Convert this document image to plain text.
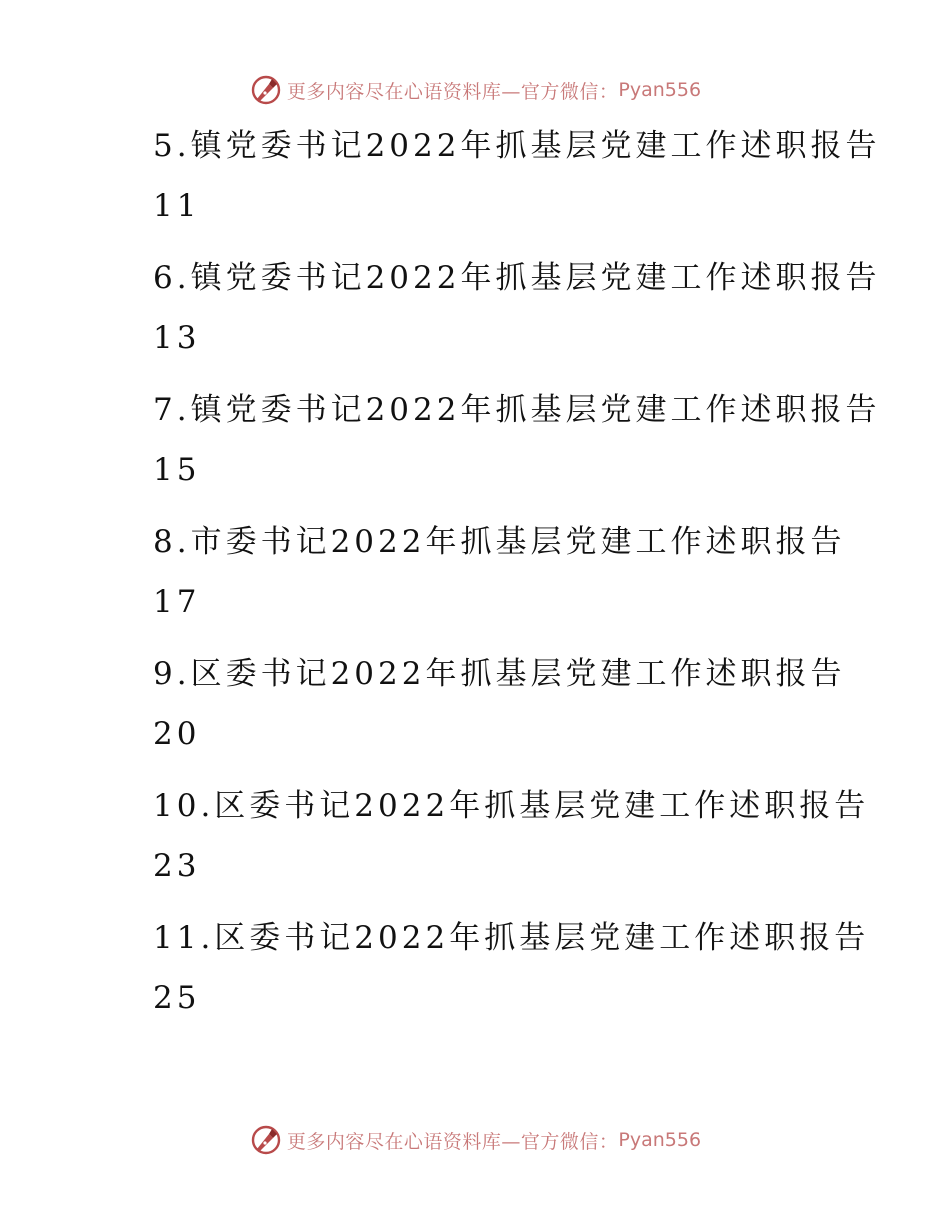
更多内容尽在心语资料库—官方微信： Pyan556
5.镇党委书记2022年抓基层党建工作述职报告
11
6.镇党委书记2022年抓基层党建工作述职报告
13
7.镇党委书记2022年抓基层党建工作述职报告
15
8.市委书记2022年抓基层党建工作述职报告
17
9.区委书记2022年抓基层党建工作述职报告
20
10.区委书记2022年抓基层党建工作述职报告
23
11.区委书记2022年抓基层党建工作述职报告
25
更多内容尽在心语资料库—官方微信： Pyan556
